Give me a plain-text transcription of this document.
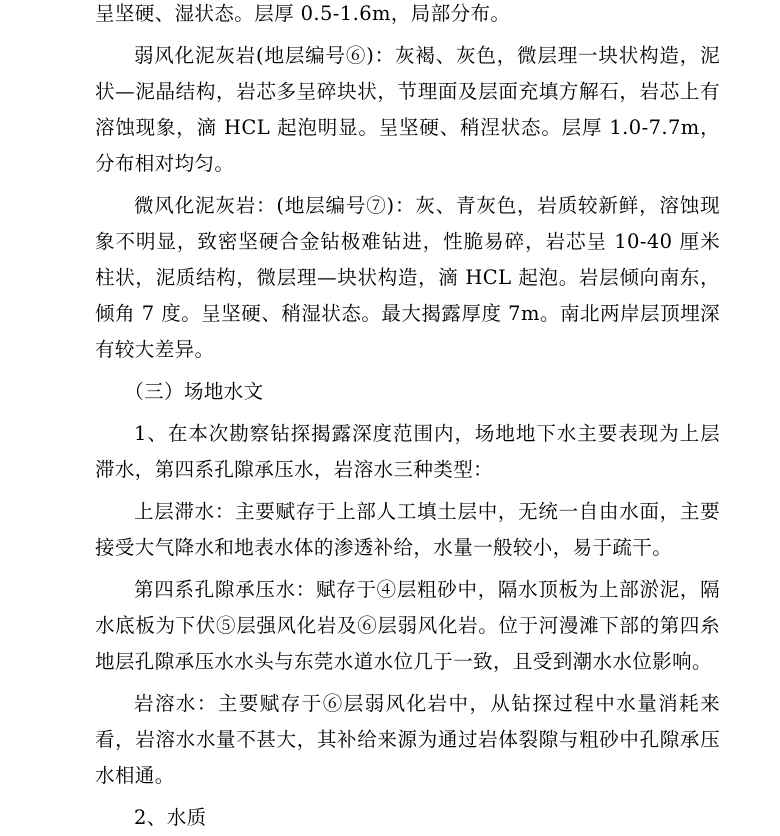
呈坚硬、湿状态。层厚 0.5-1.6m，局部分布。

弱风化泥灰岩(地层编号⑥)：灰褐、灰色，微层理一块状构造，泥状—泥晶结构，岩芯多呈碎块状，节理面及层面充填方解石，岩芯上有溶蚀现象，滴 HCL 起泡明显。呈坚硬、稍涅状态。层厚 1.0-7.7m，分布相对均匀。

微风化泥灰岩：(地层编号⑦)：灰、青灰色，岩质较新鲜，溶蚀现象不明显，致密坚硬合金钻极难钻进，性脆易碎，岩芯呈 10-40 厘米柱状，泥质结构，微层理—块状构造，滴 HCL 起泡。岩层倾向南东，倾角 7 度。呈坚硬、稍湿状态。最大揭露厚度 7m。南北两岸层顶埋深有较大差异。

（三）场地水文

1、在本次勘察钻探揭露深度范围内，场地地下水主要表现为上层滞水，第四系孔隙承压水，岩溶水三种类型：

上层滞水：主要赋存于上部人工填土层中，无统一自由水面，主要接受大气降水和地表水体的渗透补给，水量一般较小，易于疏干。

第四系孔隙承压水：赋存于④层粗砂中，隔水顶板为上部淤泥，隔水底板为下伏⑤层强风化岩及⑥层弱风化岩。位于河漫滩下部的第四糸地层孔隙承压水水头与东莞水道水位几于一致，且受到潮水水位影响。

岩溶水：主要赋存于⑥层弱风化岩中，从钻探过程中水量消耗来看，岩溶水水量不甚大，其补给来源为通过岩体裂隙与粗砂中孔隙承压水相通。

2、水质
